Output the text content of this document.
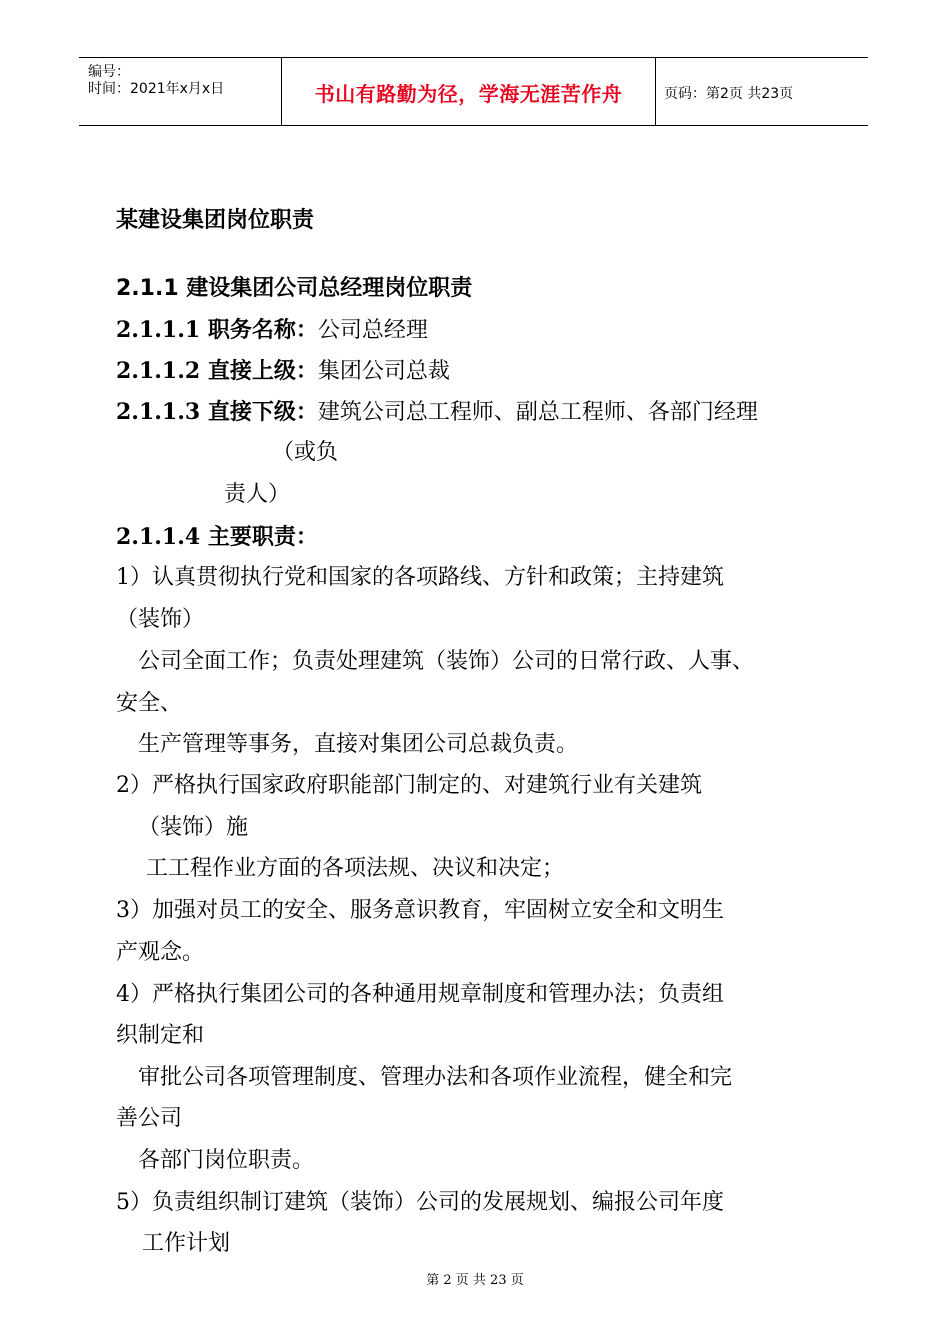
编号：
时间：2021年x月x日	书山有路勤为径，学海无涯苦作舟	页码：第2页 共23页
某建设集团岗位职责
2.1.1 建设集团公司总经理岗位职责
2.1.1.1 职务名称：公司总经理
2.1.1.2 直接上级：集团公司总裁
2.1.1.3 直接下级：建筑公司总工程师、副总工程师、各部门经理
（或负
责人）
2.1.1.4 主要职责：
1）认真贯彻执行党和国家的各项路线、方针和政策；主持建筑
（装饰）
公司全面工作；负责处理建筑（装饰）公司的日常行政、人事、
安全、
生产管理等事务，直接对集团公司总裁负责。
2）严格执行国家政府职能部门制定的、对建筑行业有关建筑
（装饰）施
工工程作业方面的各项法规、决议和决定；
3）加强对员工的安全、服务意识教育，牢固树立安全和文明生
产观念。
4）严格执行集团公司的各种通用规章制度和管理办法；负责组
织制定和
审批公司各项管理制度、管理办法和各项作业流程，健全和完
善公司
各部门岗位职责。
5）负责组织制订建筑（装饰）公司的发展规划、编报公司年度
工作计划
第 2 页 共 23 页
